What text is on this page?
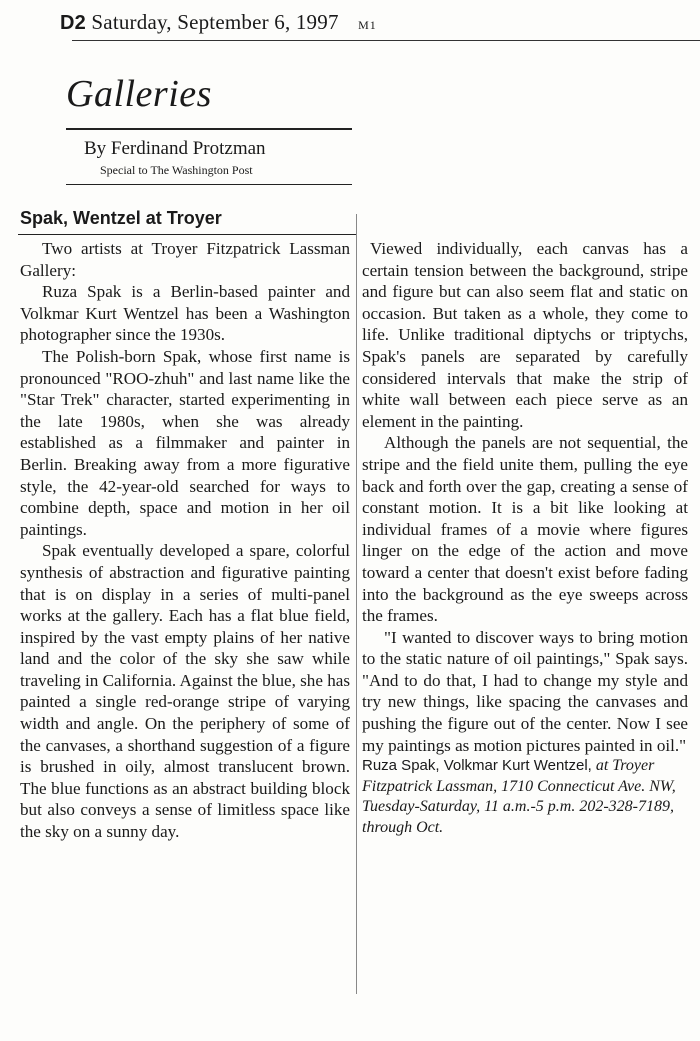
D2 Saturday, September 6, 1997 M1
Galleries
By Ferdinand Protzman
Special to The Washington Post
Spak, Wentzel at Troyer

Two artists at Troyer Fitzpatrick Lassman Gallery:

Ruza Spak is a Berlin-based painter and Volkmar Kurt Wentzel has been a Washington photographer since the 1930s.

The Polish-born Spak, whose first name is pronounced "ROO-zhuh" and last name like the "Star Trek" character, started experimenting in the late 1980s, when she was already established as a filmmaker and painter in Berlin. Breaking away from a more figurative style, the 42-year-old searched for ways to combine depth, space and motion in her oil paintings.

Spak eventually developed a spare, colorful synthesis of abstraction and figurative painting that is on display in a series of multi-panel works at the gallery. Each has a flat blue field, inspired by the vast empty plains of her native land and the color of the sky she saw while traveling in California. Against the blue, she has painted a single red-orange stripe of varying width and angle. On the periphery of some of the canvases, a shorthand suggestion of a figure is brushed in oily, almost translucent brown. The blue functions as an abstract building block but also conveys a sense of limitless space like the sky on a sunny day.

Viewed individually, each canvas has a certain tension between the background, stripe and figure but can also seem flat and static on occasion. But taken as a whole, they come to life. Unlike traditional diptychs or triptychs, Spak's panels are separated by carefully considered intervals that make the strip of white wall between each piece serve as an element in the painting.

Although the panels are not sequential, the stripe and the field unite them, pulling the eye back and forth over the gap, creating a sense of constant motion. It is a bit like looking at individual frames of a movie where figures linger on the edge of the action and move toward a center that doesn't exist before fading into the background as the eye sweeps across the frames.

"I wanted to discover ways to bring motion to the static nature of oil paintings," Spak says. "And to do that, I had to change my style and try new things, like spacing the canvases and pushing the figure out of the center. Now I see my paintings as motion pictures painted in oil."

Ruza Spak, Volkmar Kurt Wentzel, at Troyer Fitzpatrick Lassman, 1710 Connecticut Ave. NW, Tuesday-Saturday, 11 a.m.-5 p.m. 202-328-7189, through Oct.
